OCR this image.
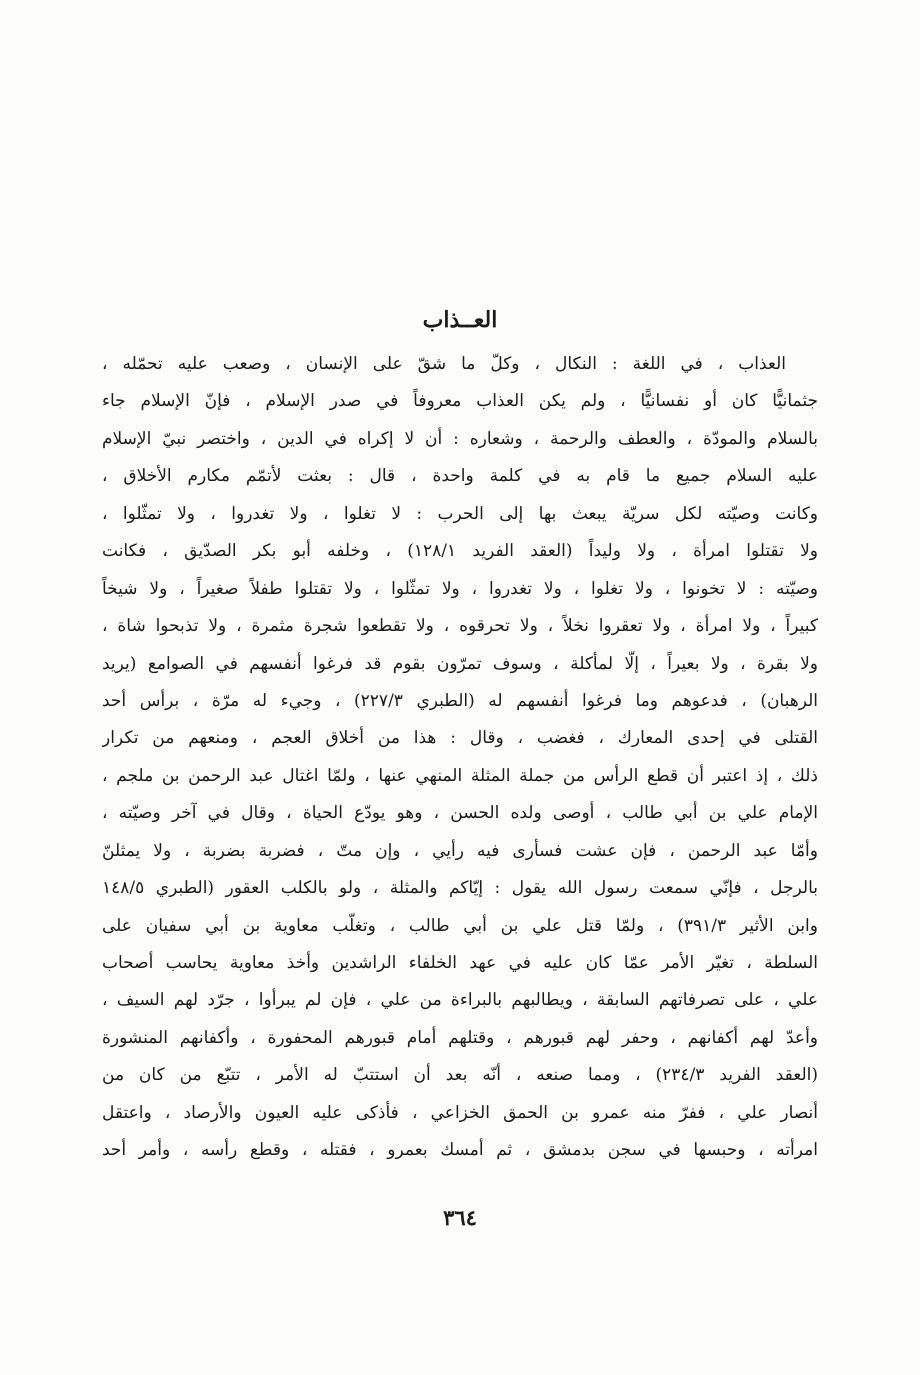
العــذاب
العذاب ، في اللغة : النكال ، وكلّ ما شقّ على الإنسان ، وصعب عليه تحمّله ،
جثمانيًّا كان أو نفسانيًّا ، ولم يكن العذاب معروفاً في صدر الإسلام ، فإنّ الإسلام جاء
بالسلام والمودّة ، والعطف والرحمة ، وشعاره : أن لا إكراه في الدين ، واختصر نبيّ الإسلام
عليه السلام جميع ما قام به في كلمة واحدة ، قال : بعثت لأتمّم مكارم الأخلاق ،
وكانت وصيّته لكل سريّة يبعث بها إلى الحرب : لا تغلوا ، ولا تغدروا ، ولا تمثّلوا ،
ولا تقتلوا امرأة ، ولا وليداً (العقد الفريد ١٢٨/١) ، وخلفه أبو بكر الصدّيق ، فكانت
وصيّته : لا تخونوا ، ولا تغلوا ، ولا تغدروا ، ولا تمثّلوا ، ولا تقتلوا طفلاً صغيراً ، ولا شيخاً
كبيراً ، ولا امرأة ، ولا تعقروا نخلاً ، ولا تحرقوه ، ولا تقطعوا شجرة مثمرة ، ولا تذبحوا شاة ،
ولا بقرة ، ولا بعيراً ، إلّا لمأكلة ، وسوف تمرّون بقوم قد فرغوا أنفسهم في الصوامع (يريد
الرهبان) ، فدعوهم وما فرغوا أنفسهم له (الطبري ٢٢٧/٣) ، وجيء له مرّة ، برأس أحد
القتلى في إحدى المعارك ، فغضب ، وقال : هذا من أخلاق العجم ، ومنعهم من تكرار
ذلك ، إذ اعتبر أن قطع الرأس من جملة المثلة المنهي عنها ، ولمّا اغتال عبد الرحمن بن ملجم ،
الإمام علي بن أبي طالب ، أوصى ولده الحسن ، وهو يودّع الحياة ، وقال في آخر وصيّته ،
وأمّا عبد الرحمن ، فإن عشت فسأرى فيه رأيي ، وإن متّ ، فضربة بضربة ، ولا يمثلنّ
بالرجل ، فإنّي سمعت رسول الله يقول : إيّاكم والمثلة ، ولو بالكلب العقور (الطبري ١٤٨/٥
وابن الأثير ٣٩١/٣) ، ولمّا قتل علي بن أبي طالب ، وتغلّب معاوية بن أبي سفيان على
السلطة ، تغيّر الأمر عمّا كان عليه في عهد الخلفاء الراشدين وأخذ معاوية يحاسب أصحاب
علي ، على تصرفاتهم السابقة ، ويطالبهم بالبراءة من علي ، فإن لم يبرأوا ، جرّد لهم السيف ،
وأعدّ لهم أكفانهم ، وحفر لهم قبورهم ، وقتلهم أمام قبورهم المحفورة ، وأكفانهم المنشورة
(العقد الفريد ٢٣٤/٣) ، ومما صنعه ، أنّه بعد أن استتبّ له الأمر ، تتبّع من كان من
أنصار علي ، ففرّ منه عمرو بن الحمق الخزاعي ، فأذكى عليه العيون والأرصاد ، واعتقل
امرأته ، وحبسها في سجن بدمشق ، ثم أمسك بعمرو ، فقتله ، وقطع رأسه ، وأمر أحد
٣٦٤
